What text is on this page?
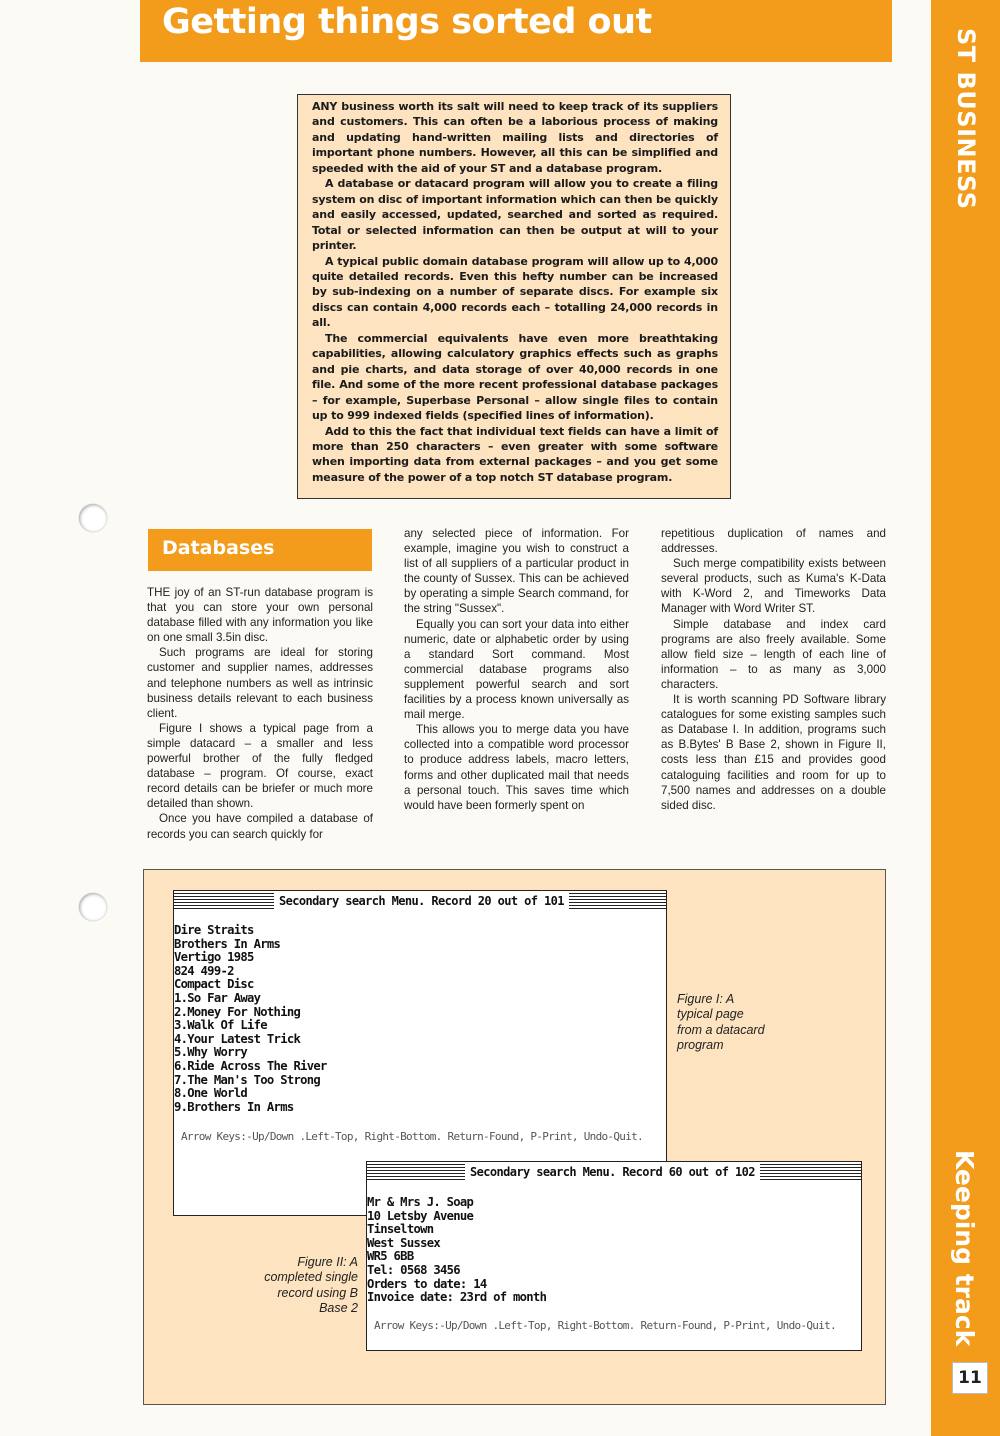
Getting things sorted out
ST BUSINESS
Keeping track
11

ANY business worth its salt will need to keep track of its suppliers and customers. This can often be a laborious process of making and updating hand-written mailing lists and directories of important phone numbers. However, all this can be simplified and speeded with the aid of your ST and a database program.

A database or datacard program will allow you to create a filing system on disc of important information which can then be quickly and easily accessed, updated, searched and sorted as required. Total or selected information can then be output at will to your printer.

A typical public domain database program will allow up to 4,000 quite detailed records. Even this hefty number can be increased by sub-indexing on a number of separate discs. For example six discs can contain 4,000 records each – totalling 24,000 records in all.

The commercial equivalents have even more breathtaking capabilities, allowing calculatory graphics effects such as graphs and pie charts, and data storage of over 40,000 records in one file. And some of the more recent professional database packages – for example, Superbase Personal – allow single files to contain up to 999 indexed fields (specified lines of information).

Add to this the fact that individual text fields can have a limit of more than 250 characters – even greater with some software when importing data from external packages – and you get some measure of the power of a top notch ST database program.

Databases

THE joy of an ST-run database program is that you can store your own personal database filled with any information you like on one small 3.5in disc.

Such programs are ideal for storing customer and supplier names, addresses and telephone numbers as well as intrinsic business details relevant to each business client.

Figure I shows a typical page from a simple datacard – a smaller and less powerful brother of the fully fledged database – program. Of course, exact record details can be briefer or much more detailed than shown.

Once you have compiled a database of records you can search quickly for

any selected piece of information. For example, imagine you wish to construct a list of all suppliers of a particular product in the county of Sussex. This can be achieved by operating a simple Search command, for the string "Sussex".

Equally you can sort your data into either numeric, date or alphabetic order by using a standard Sort command. Most commercial database programs also supplement powerful search and sort facilities by a process known universally as mail merge.

This allows you to merge data you have collected into a compatible word processor to produce address labels, macro letters, forms and other duplicated mail that needs a personal touch. This saves time which would have been formerly spent on

repetitious duplication of names and addresses.

Such merge compatibility exists between several products, such as Kuma's K-Data with K-Word 2, and Timeworks Data Manager with Word Writer ST.

Simple database and index card programs are also freely available. Some allow field size – length of each line of information – to as many as 3,000 characters.

It is worth scanning PD Software library catalogues for some existing samples such as Database I. In addition, programs such as B.Bytes' B Base 2, shown in Figure II, costs less than £15 and provides good cataloguing facilities and room for up to 7,500 names and addresses on a double sided disc.

Secondary search Menu. Record 20 out of 101
Dire Straits
Brothers In Arms
Vertigo 1985
824 499-2
Compact Disc
1.So Far Away
2.Money For Nothing
3.Walk Of Life
4.Your Latest Trick
5.Why Worry
6.Ride Across The River
7.The Man's Too Strong
8.One World
9.Brothers In Arms
Arrow Keys:-Up/Down .Left-Top, Right-Bottom. Return-Found, P-Print, Undo-Quit.
Figure I: A typical page from a datacard program
Secondary search Menu. Record 60 out of 102
Mr & Mrs J. Soap
10 Letsby Avenue
Tinseltown
West Sussex
WR5 6BB
Tel: 0568 3456
Orders to date: 14
Invoice date: 23rd of month
Arrow Keys:-Up/Down .Left-Top, Right-Bottom. Return-Found, P-Print, Undo-Quit.
Figure II: A completed single record using B Base 2
